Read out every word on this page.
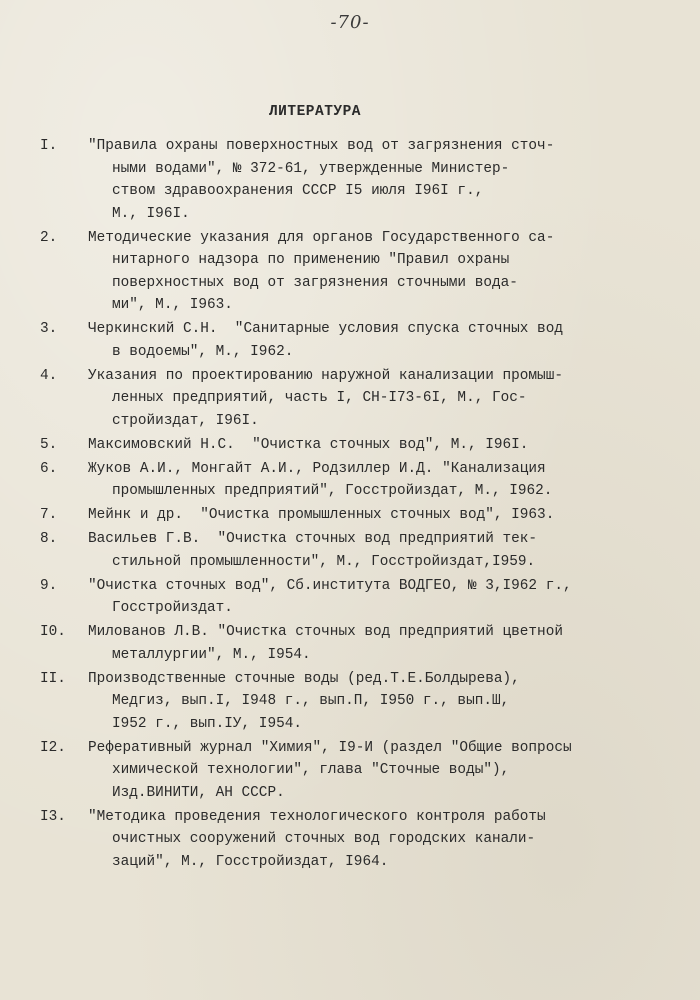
-70-
ЛИТЕРАТУРА
I.	"Правила охраны поверхностных вод от загрязнения сточ-
ными водами", № 372-61, утвержденные Министер-
ством здравоохранения СССР I5 июля I96I г.,
М., I96I.
2.	Методические указания для органов Государственного са-
нитарного надзора по применению "Правил охраны
поверхностных вод от загрязнения сточными вода-
ми", М., I963.
3.	Черкинский С.Н.  "Санитарные условия спуска сточных вод
в водоемы", М., I962.
4.	Указания по проектированию наружной канализации промыш-
ленных предприятий, часть I, СН-I73-6I, М., Гос-
стройиздат, I96I.
5.	Максимовский Н.С.  "Очистка сточных вод", М., I96I.
6.	Жуков А.И., Монгайт А.И., Родзиллер И.Д. "Канализация
промышленных предприятий", Госстройиздат, М., I962.
7.	Мейнк и др.  "Очистка промышленных сточных вод", I963.
8.	Васильев Г.В.  "Очистка сточных вод предприятий тек-
стильной промышленности", М., Госстройиздат,I959.
9.	"Очистка сточных вод", Сб.института ВОДГЕО, № 3,I962 г.,
Госстройиздат.
I0.	Милованов Л.В. "Очистка сточных вод предприятий цветной
металлургии", М., I954.
II.	Производственные сточные воды (ред.Т.Е.Болдырева),
Медгиз, вып.I, I948 г., вып.П, I950 г., вып.Ш,
I952 г., вып.IУ, I954.
I2.	Реферативный журнал "Химия", I9-И (раздел "Общие вопросы
химической технологии", глава "Сточные воды"),
Изд.ВИНИТИ, АН СССР.
I3.	"Методика проведения технологического контроля работы
очистных сооружений сточных вод городских канали-
заций", М., Госстройиздат, I964.
